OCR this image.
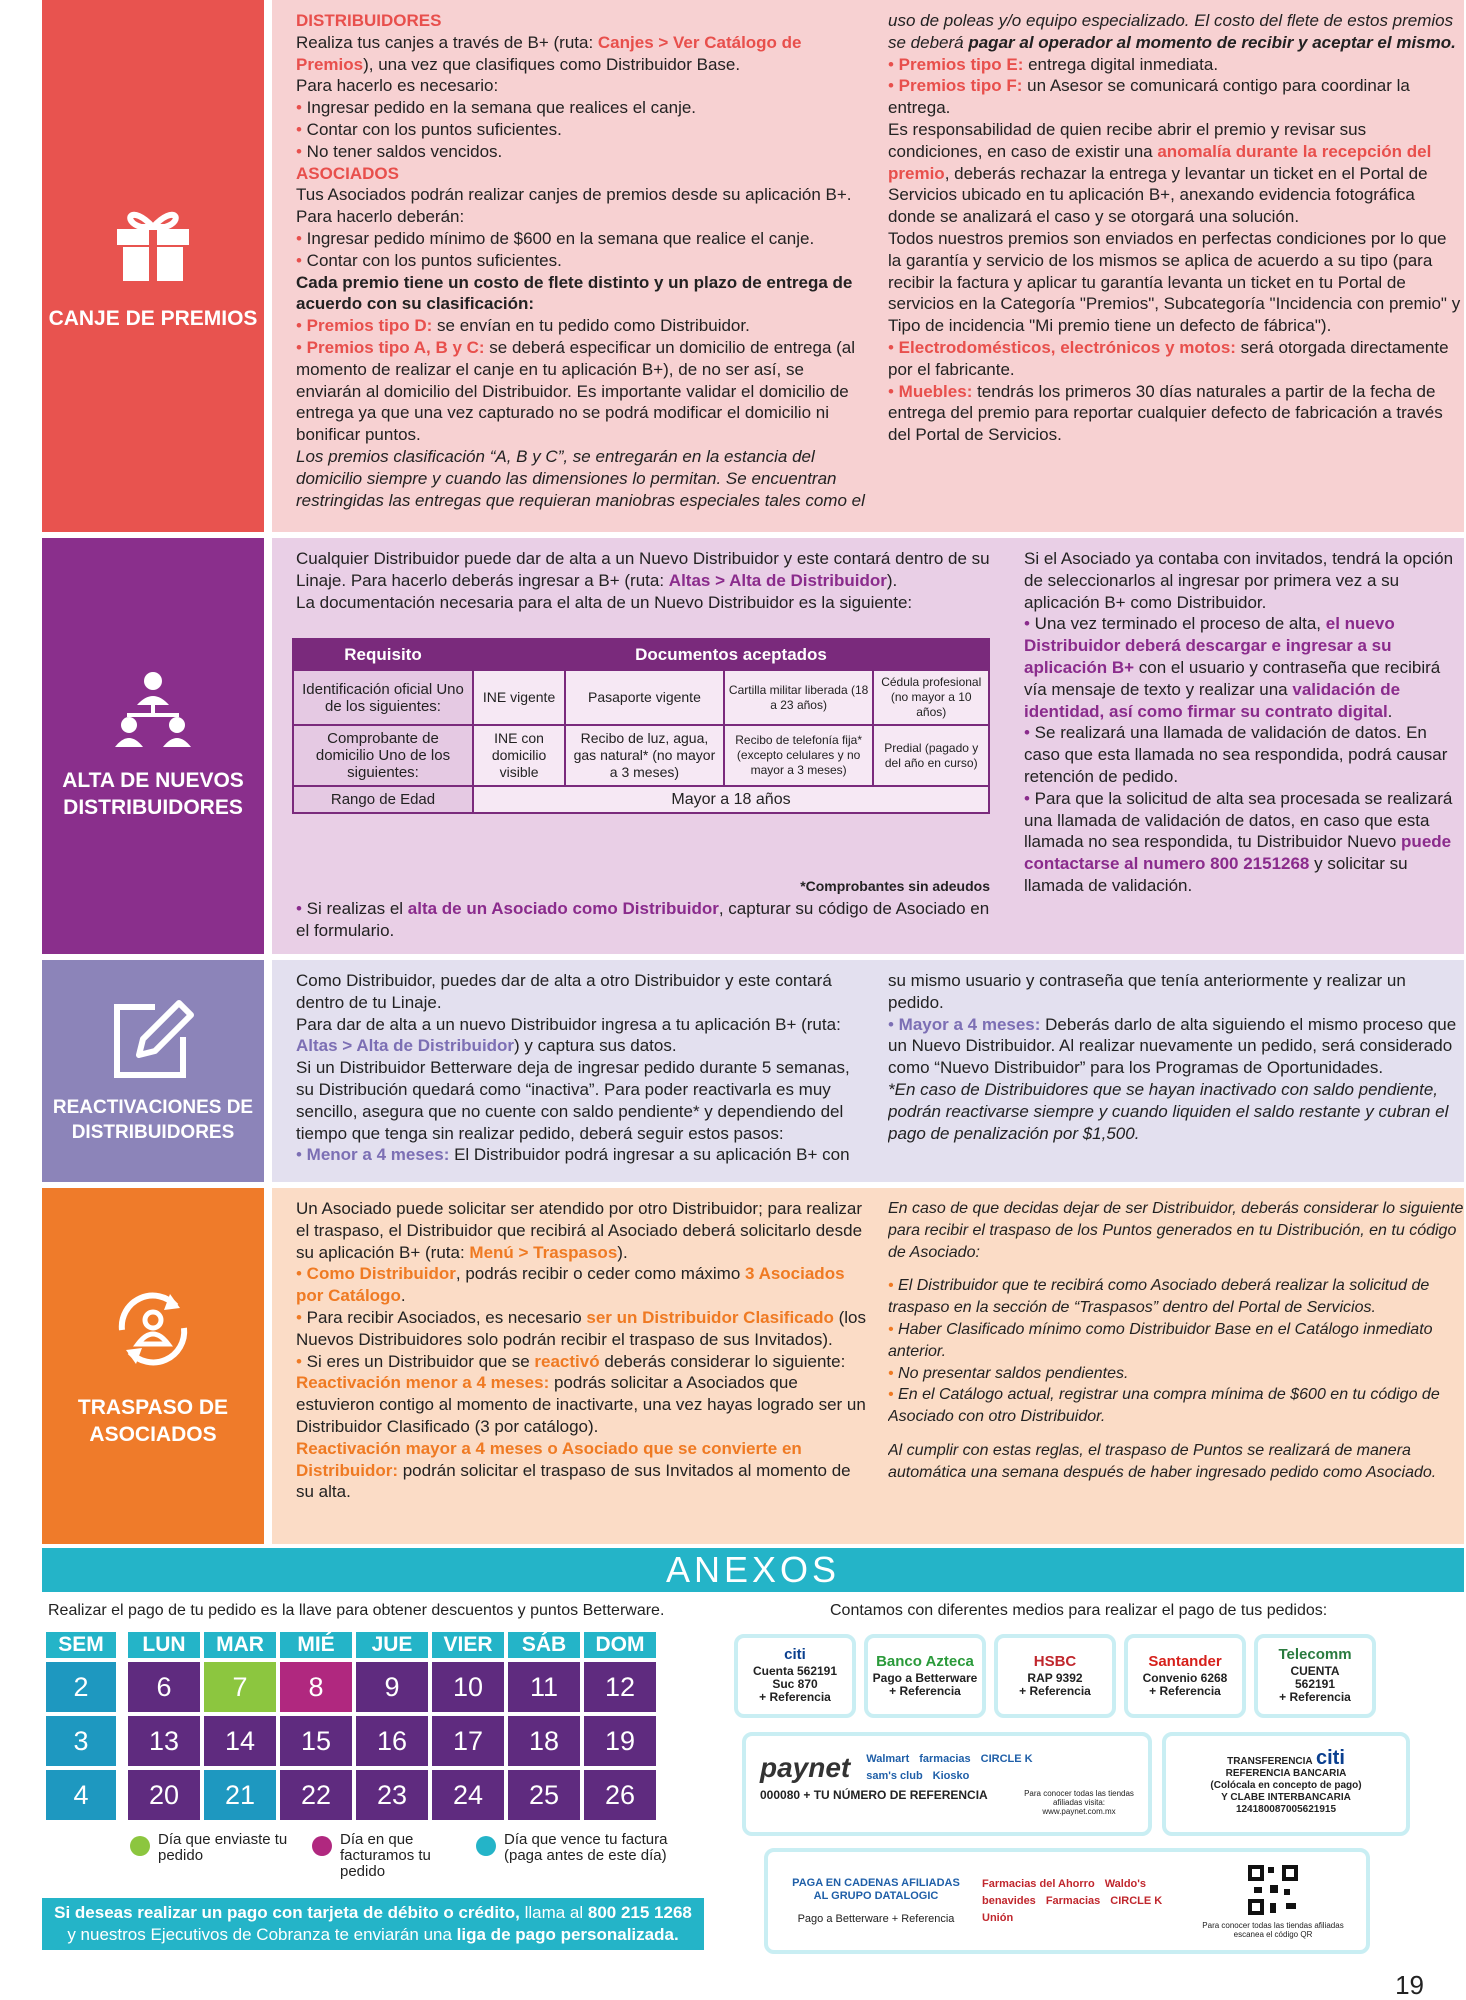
CANJE DE PREMIOS

DISTRIBUIDORES

Realiza tus canjes a través de B+ (ruta: Canjes > Ver Catálogo de Premios), una vez que clasifiques como Distribuidor Base.

Para hacerlo es necesario:

• Ingresar pedido en la semana que realices el canje.

• Contar con los puntos suficientes.

• No tener saldos vencidos.

ASOCIADOS

Tus Asociados podrán realizar canjes de premios desde su aplicación B+. Para hacerlo deberán:

• Ingresar pedido mínimo de $600 en la semana que realice el canje.

• Contar con los puntos suficientes.

Cada premio tiene un costo de flete distinto y un plazo de entrega de acuerdo con su clasificación:

• Premios tipo D: se envían en tu pedido como Distribuidor.

• Premios tipo A, B y C: se deberá especificar un domicilio de entrega (al momento de realizar el canje en tu aplicación B+), de no ser así, se enviarán al domicilio del Distribuidor. Es importante validar el domicilio de entrega ya que una vez capturado no se podrá modificar el domicilio ni bonificar puntos.

Los premios clasificación “A, B y C”, se entregarán en la estancia del domicilio siempre y cuando las dimensiones lo permitan. Se encuentran restringidas las entregas que requieran maniobras especiales tales como el

uso de poleas y/o equipo especializado. El costo del flete de estos premios se deberá pagar al operador al momento de recibir y aceptar el mismo.

• Premios tipo E: entrega digital inmediata.

• Premios tipo F: un Asesor se comunicará contigo para coordinar la entrega.

Es responsabilidad de quien recibe abrir el premio y revisar sus condiciones, en caso de existir una anomalía durante la recepción del premio, deberás rechazar la entrega y levantar un ticket en el Portal de Servicios ubicado en tu aplicación B+, anexando evidencia fotográfica donde se analizará el caso y se otorgará una solución.

Todos nuestros premios son enviados en perfectas condiciones por lo que la garantía y servicio de los mismos se aplica de acuerdo a su tipo (para recibir la factura y aplicar tu garantía levanta un ticket en tu Portal de servicios en la Categoría "Premios", Subcategoría "Incidencia con premio" y Tipo de incidencia "Mi premio tiene un defecto de fábrica").

• Electrodomésticos, electrónicos y motos: será otorgada directamente por el fabricante.

• Muebles: tendrás los primeros 30 días naturales a partir de la fecha de entrega del premio para reportar cualquier defecto de fabricación a través del Portal de Servicios.

ALTA DE NUEVOS DISTRIBUIDORES

Cualquier Distribuidor puede dar de alta a un Nuevo Distribuidor y este contará dentro de su Linaje. Para hacerlo deberás ingresar a B+ (ruta: Altas > Alta de Distribuidor).

La documentación necesaria para el alta de un Nuevo Distribuidor es la siguiente:

Requisito	Documentos aceptados			
Identificación oficial Uno de los siguientes:	INE vigente	Pasaporte vigente	Cartilla militar liberada (18 a 23 años)	Cédula profesional (no mayor a 10 años)
Comprobante de domicilio Uno de los siguientes:	INE con domicilio visible	Recibo de luz, agua, gas natural* (no mayor a 3 meses)	Recibo de telefonía fija* (excepto celulares y no mayor a 3 meses)	Predial (pagado y del año en curso)
Rango de Edad	Mayor a 18 años			
*Comprobantes sin adeudos
• Si realizas el alta de un Asociado como Distribuidor, capturar su código de Asociado en el formulario.

Si el Asociado ya contaba con invitados, tendrá la opción de seleccionarlos al ingresar por primera vez a su aplicación B+ como Distribuidor.

• Una vez terminado el proceso de alta, el nuevo Distribuidor deberá descargar e ingresar a su aplicación B+ con el usuario y contraseña que recibirá vía mensaje de texto y realizar una validación de identidad, así como firmar su contrato digital.

• Se realizará una llamada de validación de datos. En caso que esta llamada no sea respondida, podrá causar retención de pedido.

• Para que la solicitud de alta sea procesada se realizará una llamada de validación de datos, en caso que esta llamada no sea respondida, tu Distribuidor Nuevo puede contactarse al numero 800 2151268 y solicitar su llamada de validación.

REACTIVACIONES DE DISTRIBUIDORES

Como Distribuidor, puedes dar de alta a otro Distribuidor y este contará dentro de tu Linaje.

Para dar de alta a un nuevo Distribuidor ingresa a tu aplicación B+ (ruta: Altas > Alta de Distribuidor) y captura sus datos.

Si un Distribuidor Betterware deja de ingresar pedido durante 5 semanas, su Distribución quedará como “inactiva”. Para poder reactivarla es muy sencillo, asegura que no cuente con saldo pendiente* y dependiendo del tiempo que tenga sin realizar pedido, deberá seguir estos pasos:

• Menor a 4 meses: El Distribuidor podrá ingresar a su aplicación B+ con

su mismo usuario y contraseña que tenía anteriormente y realizar un pedido.

• Mayor a 4 meses: Deberás darlo de alta siguiendo el mismo proceso que un Nuevo Distribuidor. Al realizar nuevamente un pedido, será considerado como “Nuevo Distribuidor” para los Programas de Oportunidades.

*En caso de Distribuidores que se hayan inactivado con saldo pendiente, podrán reactivarse siempre y cuando liquiden el saldo restante y cubran el pago de penalización por $1,500.

TRASPASO DE ASOCIADOS

Un Asociado puede solicitar ser atendido por otro Distribuidor; para realizar el traspaso, el Distribuidor que recibirá al Asociado deberá solicitarlo desde su aplicación B+ (ruta: Menú > Traspasos).

• Como Distribuidor, podrás recibir o ceder como máximo 3 Asociados por Catálogo.

• Para recibir Asociados, es necesario ser un Distribuidor Clasificado (los Nuevos Distribuidores solo podrán recibir el traspaso de sus Invitados).

• Si eres un Distribuidor que se reactivó deberás considerar lo siguiente:

Reactivación menor a 4 meses: podrás solicitar a Asociados que estuvieron contigo al momento de inactivarte, una vez hayas logrado ser un Distribuidor Clasificado (3 por catálogo).

Reactivación mayor a 4 meses o Asociado que se convierte en Distribuidor: podrán solicitar el traspaso de sus Invitados al momento de su alta.

En caso de que decidas dejar de ser Distribuidor, deberás considerar lo siguiente para recibir el traspaso de los Puntos generados en tu Distribución, en tu código de Asociado:

• El Distribuidor que te recibirá como Asociado deberá realizar la solicitud de traspaso en la sección de “Traspasos” dentro del Portal de Servicios.

• Haber Clasificado mínimo como Distribuidor Base en el Catálogo inmediato anterior.

• No presentar saldos pendientes.

• En el Catálogo actual, registrar una compra mínima de $600 en tu código de Asociado con otro Distribuidor.

Al cumplir con estas reglas, el traspaso de Puntos se realizará de manera automática una semana después de haber ingresado pedido como Asociado.

ANEXOS
Realizar el pago de tu pedido es la llave para obtener descuentos y puntos Betterware.	Contamos con diferentes medios para realizar el pago de tus pedidos:
SEM		LUN	MAR	MIÉ	JUE	VIER	SÁB	DOM
2		6	7	8	9	10	11	12
3		13	14	15	16	17	18	19
4		20	21	22	23	24	25	26
Día que enviaste tu pedido
Día en que facturamos tu pedido
Día que vence tu factura (paga antes de este día)
Si deseas realizar un pago con tarjeta de débito o crédito, llama al 800 215 1268
y nuestros Ejecutivos de Cobranza te enviarán una liga de pago personalizada.
citi
Cuenta 562191
Suc 870
+ Referencia
Banco Azteca
Pago a Betterware
+ Referencia
HSBC
RAP 9392
+ Referencia
Santander
Convenio 6268
+ Referencia
Telecomm
CUENTA
562191
+ Referencia
paynet Walmart farmacias CIRCLE K
sam's club Kiosko
000080 + TU NÚMERO DE REFERENCIA	Para conocer todas las tiendas afiliadas visita: www.paynet.com.mx
TRANSFERENCIA citi
REFERENCIA BANCARIA
(Colócala en concepto de pago)
Y CLABE INTERBANCARIA
124180087005621915
PAGA EN CADENAS AFILIADAS
AL GRUPO DATALOGIC
Pago a Betterware + Referencia
Farmacias del Ahorro Waldo's
benavides Farmacias CIRCLE K
Unión
Para conocer todas las tiendas afiliadas escanea el código QR
19
